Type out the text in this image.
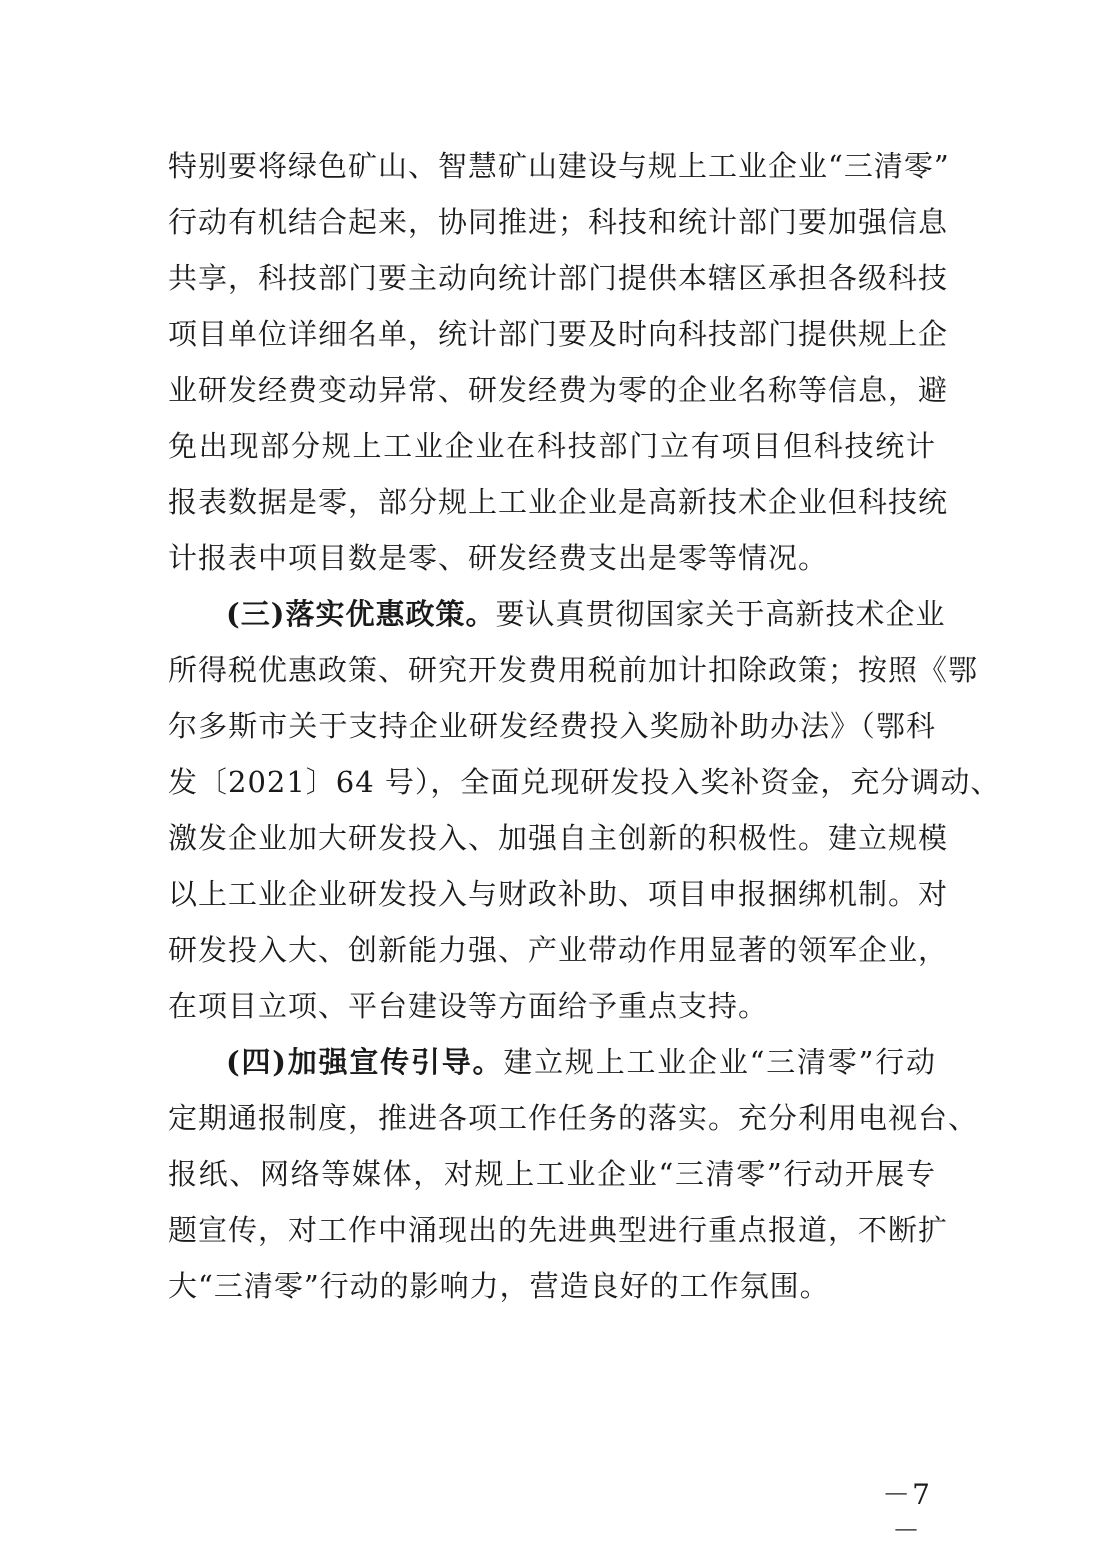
特别要将绿色矿山、智慧矿山建设与规上工业企业“三清零”
行动有机结合起来，协同推进；科技和统计部门要加强信息
共享，科技部门要主动向统计部门提供本辖区承担各级科技
项目单位详细名单，统计部门要及时向科技部门提供规上企
业研发经费变动异常、研发经费为零的企业名称等信息，避
免出现部分规上工业企业在科技部门立有项目但科技统计
报表数据是零，部分规上工业企业是高新技术企业但科技统
计报表中项目数是零、研发经费支出是零等情况。
(三)落实优惠政策。要认真贯彻国家关于高新技术企业
所得税优惠政策、研究开发费用税前加计扣除政策；按照《鄂
尔多斯市关于支持企业研发经费投入奖励补助办法》（鄂科
发〔2021〕64 号），全面兑现研发投入奖补资金，充分调动、
激发企业加大研发投入、加强自主创新的积极性。建立规模
以上工业企业研发投入与财政补助、项目申报捆绑机制。对
研发投入大、创新能力强、产业带动作用显著的领军企业，
在项目立项、平台建设等方面给予重点支持。
(四)加强宣传引导。建立规上工业企业“三清零”行动
定期通报制度，推进各项工作任务的落实。充分利用电视台、
报纸、网络等媒体，对规上工业企业“三清零”行动开展专
题宣传，对工作中涌现出的先进典型进行重点报道，不断扩
大“三清零”行动的影响力，营造良好的工作氛围。
－7－
